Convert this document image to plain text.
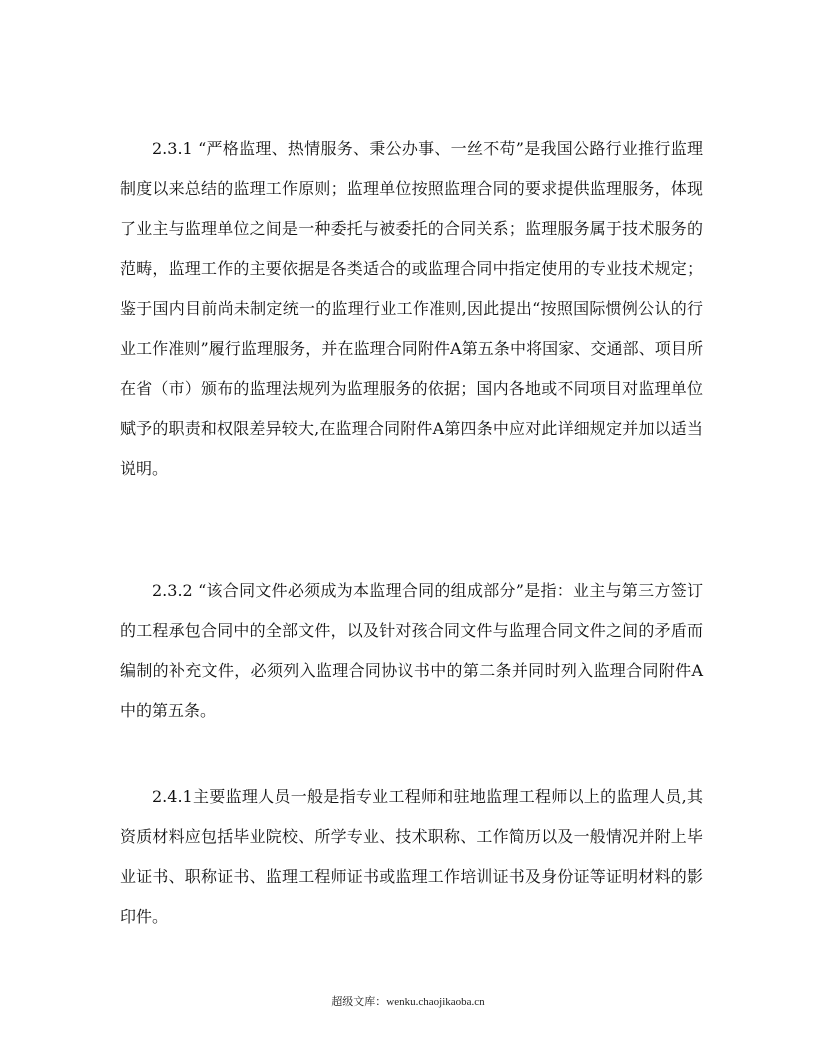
2.3.1 “严格监理、热情服务、秉公办事、一丝不苟”是我国公路行业推行监理
制度以来总结的监理工作原则；监理单位按照监理合同的要求提供监理服务，体现
了业主与监理单位之间是一种委托与被委托的合同关系；监理服务属于技术服务的
范畴，监理工作的主要依据是各类适合的或监理合同中指定使用的专业技术规定；
鉴于国内目前尚未制定统一的监理行业工作准则,因此提出“按照国际惯例公认的行
业工作准则”履行监理服务，并在监理合同附件A第五条中将国家、交通部、项目所
在省（市）颁布的监理法规列为监理服务的依据；国内各地或不同项目对监理单位
赋予的职责和权限差异较大,在监理合同附件A第四条中应对此详细规定并加以适当
说明。
2.3.2 “该合同文件必须成为本监理合同的组成部分”是指：业主与第三方签订
的工程承包合同中的全部文件，以及针对孩合同文件与监理合同文件之间的矛盾而
编制的补充文件，必须列入监理合同协议书中的第二条并同时列入监理合同附件A
中的第五条。
2.4.1主要监理人员一般是指专业工程师和驻地监理工程师以上的监理人员,其
资质材料应包括毕业院校、所学专业、技术职称、工作简历以及一般情况并附上毕
业证书、职称证书、监理工程师证书或监理工作培训证书及身份证等证明材料的影
印件。
超级文库：wenku.chaojikaoba.cn
